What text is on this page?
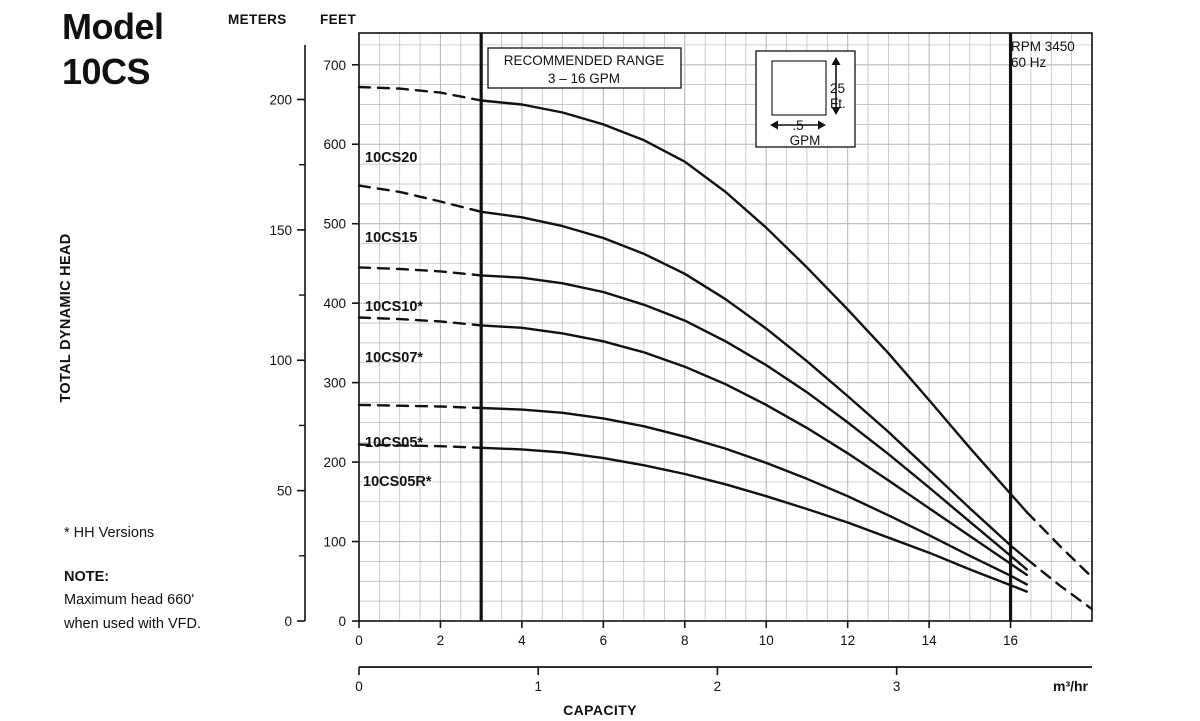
Model
10CS
* HH Versions
NOTE:
Maximum head 660'
when used with VFD.
TOTAL DYNAMIC HEAD
METERS FEET
CAPACITY
m³/hr
0
100
200
300
400
500
600
700
0
50
100
150
200
0	2	4	6	8	10	12	14	16
0	1	2	3
10CS20
10CS15
10CS10*
10CS07*
10CS05*
10CS05R*
RECOMMENDED RANGE
3 – 16 GPM
25
Ft.
.5
GPM
RPM 3450
60 Hz
